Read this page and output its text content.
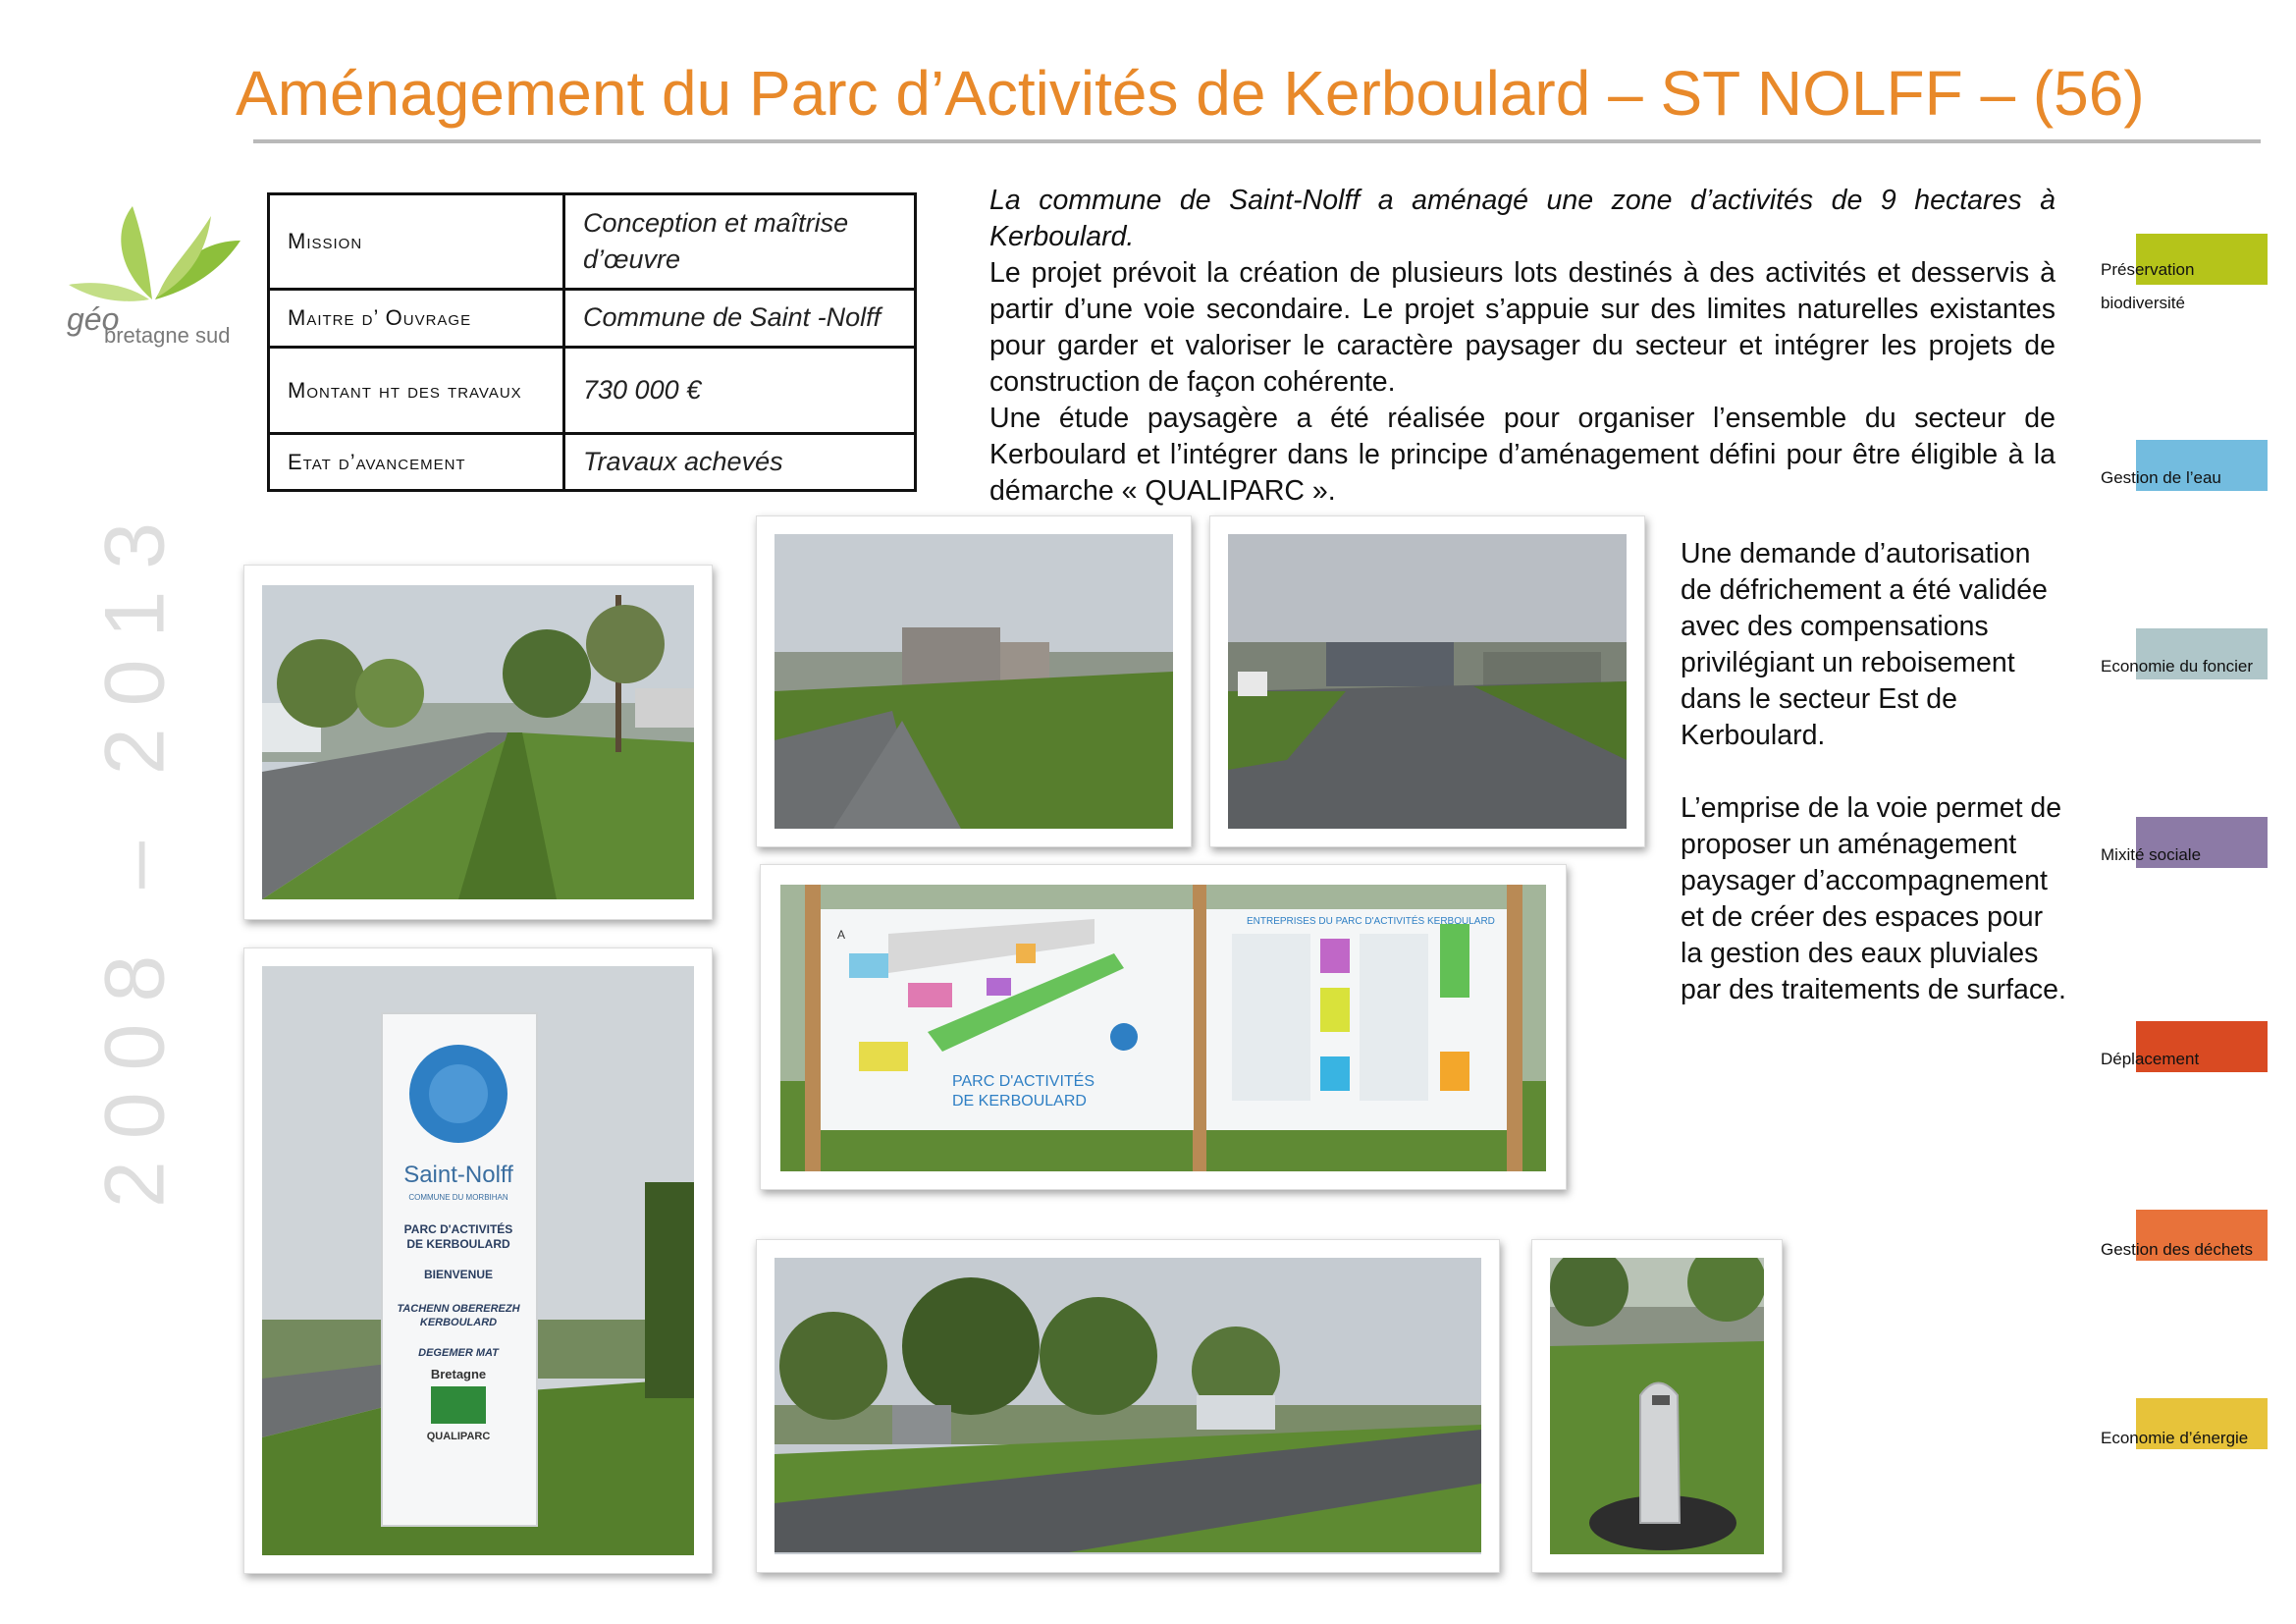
Aménagement du Parc d’Activités de Kerboulard – ST NOLFF – (56)
géo
bretagne sud
2008 – 2013
Mission	Conception et maîtrise d’œuvre
Maitre d’ Ouvrage	Commune de Saint -Nolff
Montant ht des travaux	730 000 €
Etat d’avancement	Travaux achevés
La commune de Saint-Nolff a aménagé une zone d’activités de 9 hectares à Kerboulard.
Le projet prévoit la création de plusieurs lots destinés à des activités et desservis à partir d’une voie secondaire. Le projet s’appuie sur des limites naturelles existantes pour garder et valoriser le caractère paysager du secteur et intégrer les projets de construction de façon cohérente.
Une étude paysagère a été réalisée pour organiser l’ensemble du secteur de Kerboulard et l’intégrer dans le principe d’aménagement défini pour être éligible à la démarche « QUALIPARC ».

Une demande d’autorisation de défrichement a été validée avec des compensations privilégiant un reboisement dans le secteur Est de Kerboulard.

L’emprise de la voie permet de proposer un aménagement paysager d’accompagnement et de créer des espaces pour la gestion des eaux pluviales par des traitements de surface.

A
PARC D'ACTIVITÉS
DE KERBOULARD
ENTREPRISES DU PARC D'ACTIVITÉS KERBOULARD
Saint-Nolff
COMMUNE DU MORBIHAN
PARC D'ACTIVITÉS
DE KERBOULARD
BIENVENUE
TACHENN OBEREREZH
KERBOULARD
DEGEMER MAT
Bretagne
QUALIPARC
Préservation
biodiversité
Gestion de l’eau
Economie du foncier
Mixité sociale
Déplacement
Gestion des déchets
Economie d’énergie
